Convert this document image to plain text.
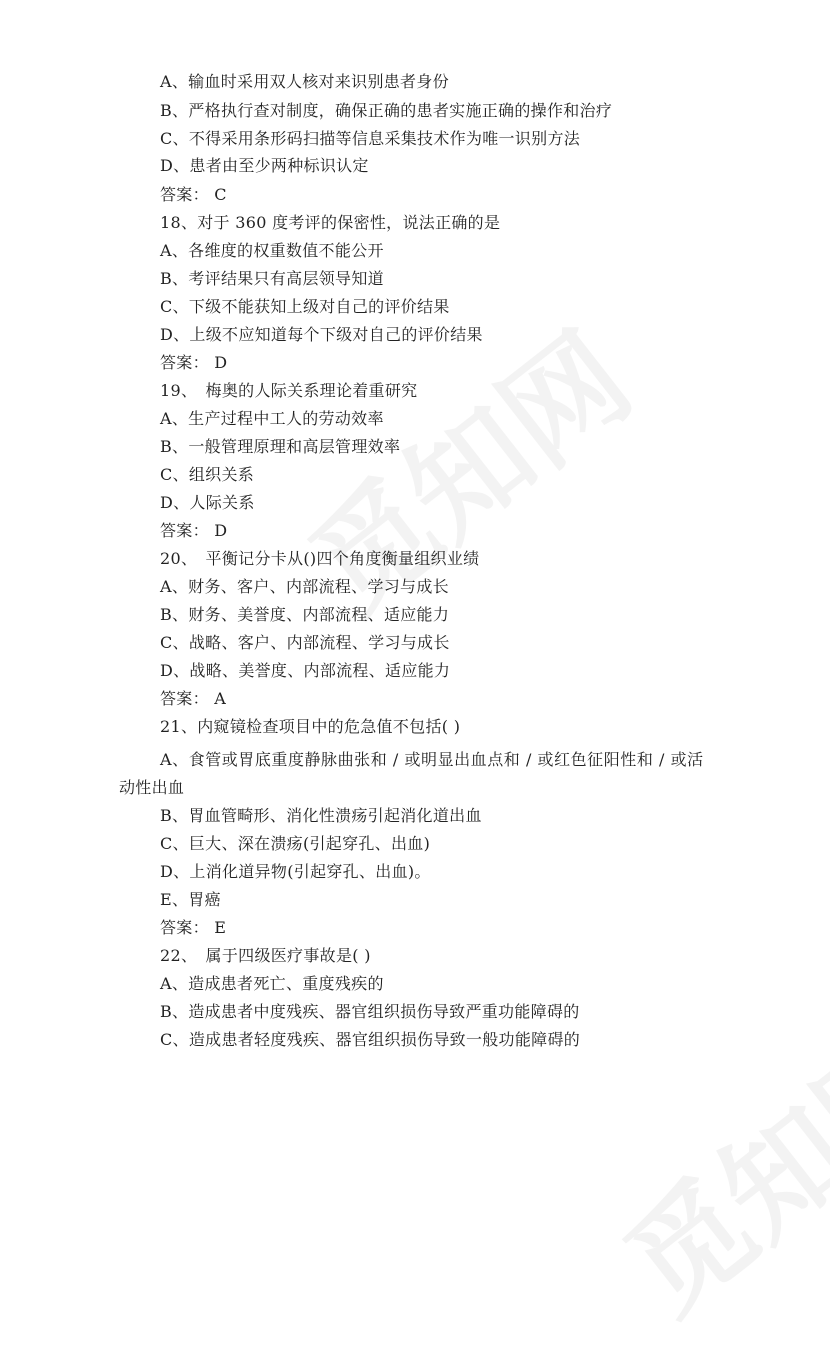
A、输血时采用双人核对来识别患者身份
B、严格执行查对制度，确保正确的患者实施正确的操作和治疗
C、不得采用条形码扫描等信息采集技术作为唯一识别方法
D、患者由至少两种标识认定
答案： C
18、对于 360 度考评的保密性，说法正确的是
A、各维度的权重数值不能公开
B、考评结果只有高层领导知道
C、下级不能获知上级对自己的评价结果
D、上级不应知道每个下级对自己的评价结果
答案： D
19、　梅奥的人际关系理论着重研究
A、生产过程中工人的劳动效率
B、一般管理原理和高层管理效率
C、组织关系
D、人际关系
答案： D
20、　平衡记分卡从()四个角度衡量组织业绩
A、财务、客户、内部流程、学习与成长
B、财务、美誉度、内部流程、适应能力
C、战略、客户、内部流程、学习与成长
D、战略、美誉度、内部流程、适应能力
答案： A
21、内窥镜检查项目中的危急值不包括( )
A、食管或胃底重度静脉曲张和 / 或明显出血点和 / 或红色征阳性和 / 或活
动性出血
B、胃血管畸形、消化性溃疡引起消化道出血
C、巨大、深在溃疡(引起穿孔、出血)
D、上消化道异物(引起穿孔、出血)。
E、胃癌
答案： E
22、　属于四级医疗事故是( )
A、造成患者死亡、重度残疾的
B、造成患者中度残疾、器官组织损伤导致严重功能障碍的
C、造成患者轻度残疾、器官组织损伤导致一般功能障碍的
